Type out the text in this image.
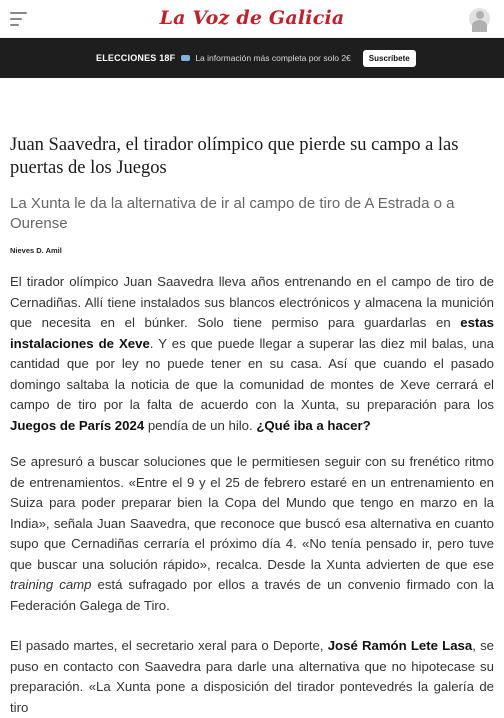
La Voz de Galicia
ELECCIONES 18F La información más completa por solo 2€	Suscríbete
Juan Saavedra, el tirador olímpico que pierde su campo a las puertas de los Juegos
La Xunta le da la alternativa de ir al campo de tiro de A Estrada o a Ourense
Nieves D. Amil

El tirador olímpico Juan Saavedra lleva años entrenando en el campo de tiro de Cernadiñas. Allí tiene instalados sus blancos electrónicos y almacena la munición que necesita en el búnker. Solo tiene permiso para guardarlas en estas instalaciones de Xeve. Y es que puede llegar a superar las diez mil balas, una cantidad que por ley no puede tener en su casa. Así que cuando el pasado domingo saltaba la noticia de que la comunidad de montes de Xeve cerrará el campo de tiro por la falta de acuerdo con la Xunta, su preparación para los Juegos de París 2024 pendía de un hilo. ¿Qué iba a hacer?

Se apresuró a buscar soluciones que le permitiesen seguir con su frenético ritmo de entrenamientos. «Entre el 9 y el 25 de febrero estaré en un entrenamiento en Suiza para poder preparar bien la Copa del Mundo que tengo en marzo en la India», señala Juan Saavedra, que reconoce que buscó esa alternativa en cuanto supo que Cernadiñas cerraría el próximo día 4. «No tenía pensado ir, pero tuve que buscar una solución rápido», recalca. Desde la Xunta advierten de que ese training camp está sufragado por ellos a través de un convenio firmado con la Federación Galega de Tiro.

El pasado martes, el secretario xeral para o Deporte, José Ramón Lete Lasa, se puso en contacto con Saavedra para darle una alternativa que no hipotecase su preparación. «La Xunta pone a disposición del tirador pontevedrés la galería de tiro
